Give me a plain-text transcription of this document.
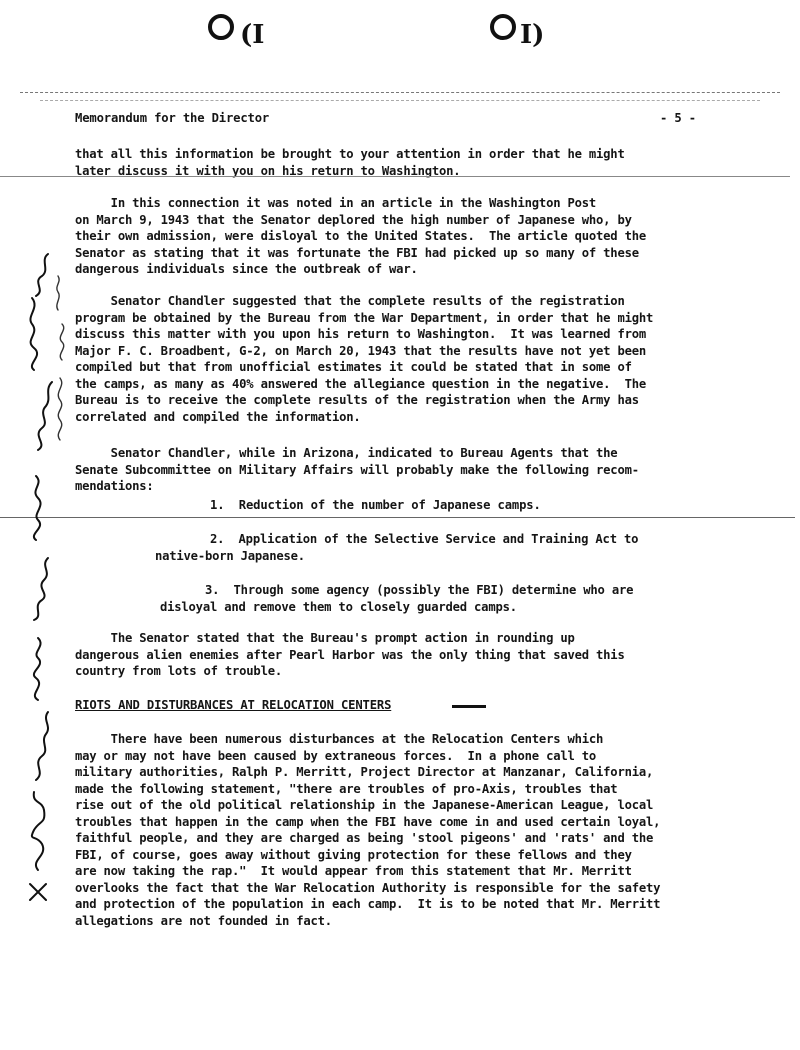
(I	I)
Memorandum for the Director	- 5 -
that all this information be brought to your attention in order that he might
later discuss it with you on his return to Washington.
In this connection it was noted in an article in the Washington Post
on March 9, 1943 that the Senator deplored the high number of Japanese who, by
their own admission, were disloyal to the United States.  The article quoted the
Senator as stating that it was fortunate the FBI had picked up so many of these
dangerous individuals since the outbreak of war.
Senator Chandler suggested that the complete results of the registration
program be obtained by the Bureau from the War Department, in order that he might
discuss this matter with you upon his return to Washington.  It was learned from
Major F. C. Broadbent, G-2, on March 20, 1943 that the results have not yet been
compiled but that from unofficial estimates it could be stated that in some of
the camps, as many as 40% answered the allegiance question in the negative.  The
Bureau is to receive the complete results of the registration when the Army has
correlated and compiled the information.
Senator Chandler, while in Arizona, indicated to Bureau Agents that the
Senate Subcommittee on Military Affairs will probably make the following recom-
mendations:
1.  Reduction of the number of Japanese camps.
2.  Application of the Selective Service and Training Act to
native-born Japanese.
3.  Through some agency (possibly the FBI) determine who are
disloyal and remove them to closely guarded camps.
The Senator stated that the Bureau's prompt action in rounding up
dangerous alien enemies after Pearl Harbor was the only thing that saved this
country from lots of trouble.
RIOTS AND DISTURBANCES AT RELOCATION CENTERS
There have been numerous disturbances at the Relocation Centers which
may or may not have been caused by extraneous forces.  In a phone call to
military authorities, Ralph P. Merritt, Project Director at Manzanar, California,
made the following statement, "there are troubles of pro-Axis, troubles that
rise out of the old political relationship in the Japanese-American League, local
troubles that happen in the camp when the FBI have come in and used certain loyal,
faithful people, and they are charged as being 'stool pigeons' and 'rats' and the
FBI, of course, goes away without giving protection for these fellows and they
are now taking the rap."  It would appear from this statement that Mr. Merritt
overlooks the fact that the War Relocation Authority is responsible for the safety
and protection of the population in each camp.  It is to be noted that Mr. Merritt
allegations are not founded in fact.
